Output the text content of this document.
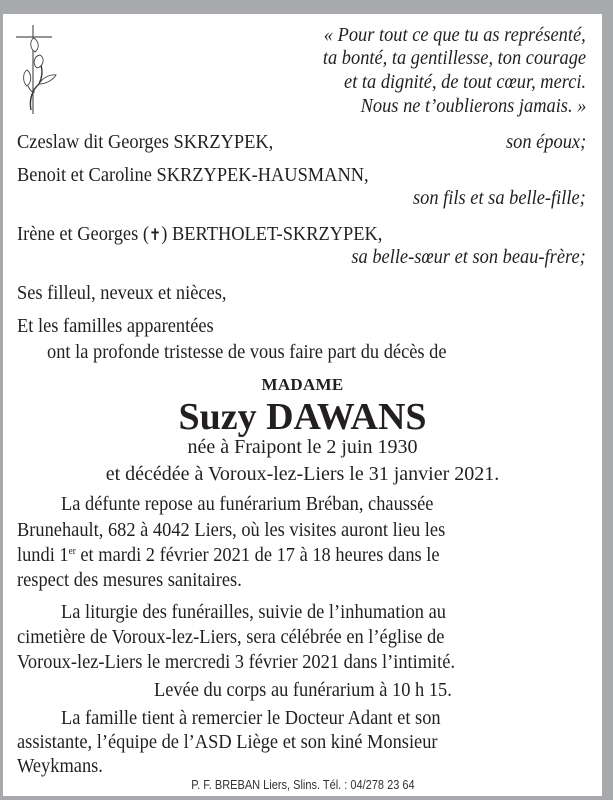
« Pour tout ce que tu as représenté,
ta bonté, ta gentillesse, ton courage
et ta dignité, de tout cœur, merci.
Nous ne t’oublierons jamais. »
Czeslaw dit Georges SKRZYPEK,	son époux;
Benoit et Caroline SKRZYPEK-HAUSMANN,
son fils et sa belle-fille;
Irène et Georges (✝) BERTHOLET-SKRZYPEK,
sa belle-sœur et son beau-frère;
Ses filleul, neveux et nièces,
Et les familles apparentées
ont la profonde tristesse de vous faire part du décès de
MADAME
Suzy DAWANS
née à Fraipont le 2 juin 1930
et décédée à Voroux-lez-Liers le 31 janvier 2021.
La défunte repose au funérarium Bréban, chaussée
Brunehault, 682 à 4042 Liers, où les visites auront lieu les
lundi 1er et mardi 2 février 2021 de 17 à 18 heures dans le
respect des mesures sanitaires.
La liturgie des funérailles, suivie de l’inhumation au
cimetière de Voroux-lez-Liers, sera célébrée en l’église de
Voroux-lez-Liers le mercredi 3 février 2021 dans l’intimité.
Levée du corps au funérarium à 10 h 15.
La famille tient à remercier le Docteur Adant et son
assistante, l’équipe de l’ASD Liège et son kiné Monsieur
Weykmans.
P. F. BREBAN Liers, Slins. Tél. : 04/278 23 64
